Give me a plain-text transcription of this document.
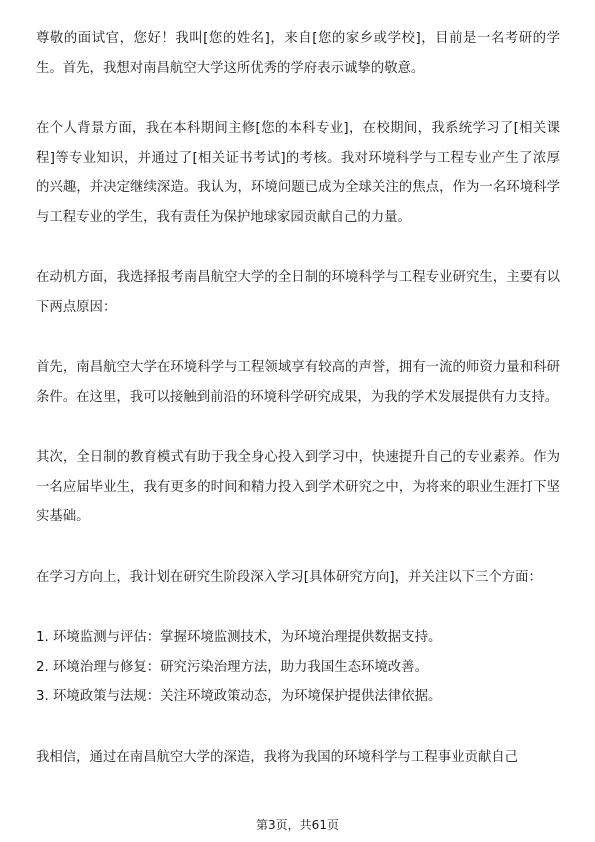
尊敬的面试官，您好！我叫[您的姓名]，来自[您的家乡或学校]，目前是一名考研的学生。首先，我想对南昌航空大学这所优秀的学府表示诚挚的敬意。

在个人背景方面，我在本科期间主修[您的本科专业]，在校期间，我系统学习了[相关课程]等专业知识，并通过了[相关证书考试]的考核。我对环境科学与工程专业产生了浓厚的兴趣，并决定继续深造。我认为，环境问题已成为全球关注的焦点，作为一名环境科学与工程专业的学生，我有责任为保护地球家园贡献自己的力量。

在动机方面，我选择报考南昌航空大学的全日制的环境科学与工程专业研究生，主要有以下两点原因：

首先，南昌航空大学在环境科学与工程领域享有较高的声誉，拥有一流的师资力量和科研条件。在这里，我可以接触到前沿的环境科学研究成果，为我的学术发展提供有力支持。

其次，全日制的教育模式有助于我全身心投入到学习中，快速提升自己的专业素养。作为一名应届毕业生，我有更多的时间和精力投入到学术研究之中，为将来的职业生涯打下坚实基础。

在学习方向上，我计划在研究生阶段深入学习[具体研究方向]，并关注以下三个方面：

1. 环境监测与评估：掌握环境监测技术，为环境治理提供数据支持。
2. 环境治理与修复：研究污染治理方法，助力我国生态环境改善。
3. 环境政策与法规：关注环境政策动态，为环境保护提供法律依据。

我相信，通过在南昌航空大学的深造，我将为我国的环境科学与工程事业贡献自己

第3页，共61页
